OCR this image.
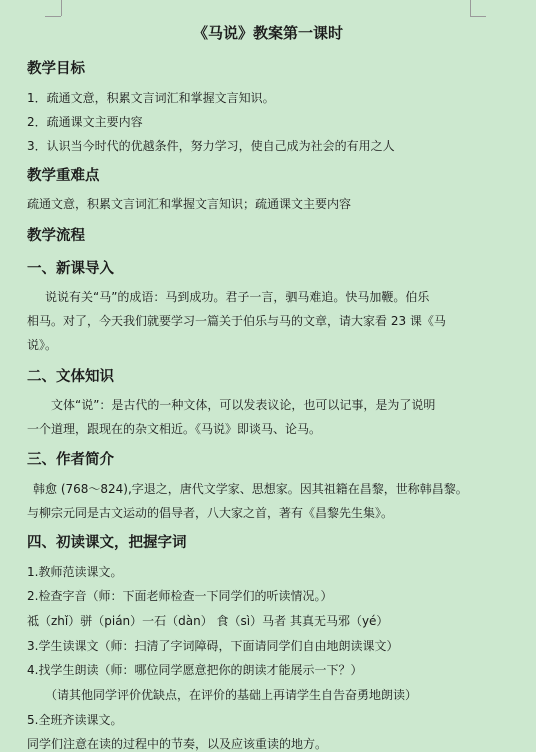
《马说》教案第一课时
教学目标
1．疏通文意，积累文言词汇和掌握文言知识。
2．疏通课文主要内容
3．认识当今时代的优越条件，努力学习，使自己成为社会的有用之人
教学重难点
疏通文意，积累文言词汇和掌握文言知识；疏通课文主要内容
教学流程
一、新课导入
说说有关“马”的成语：马到成功。君子一言，驷马难追。快马加鞭。伯乐
相马。对了，今天我们就要学习一篇关于伯乐与马的文章，请大家看 23 课《马
说》。
二、文体知识
文体“说”：是古代的一种文体，可以发表议论，也可以记事，是为了说明
一个道理，跟现在的杂文相近。《马说》即谈马、论马。
三、作者简介
韩愈 (768～824),字退之，唐代文学家、思想家。因其祖籍在昌黎，世称韩昌黎。
与柳宗元同是古文运动的倡导者，八大家之首，著有《昌黎先生集》。
四、初读课文，把握字词
1.教师范读课文。
2.检查字音（师：下面老师检查一下同学们的听读情况。）
祗（zhǐ）骈（pián）一石（dàn） 食（sì）马者 其真无马邪（yé）
3.学生读课文（师：扫清了字词障碍，下面请同学们自由地朗读课文）
4.找学生朗读（师：哪位同学愿意把你的朗读才能展示一下？）
（请其他同学评价优缺点，在评价的基础上再请学生自告奋勇地朗读）
5.全班齐读课文。
同学们注意在读的过程中的节奏，以及应该重读的地方。
